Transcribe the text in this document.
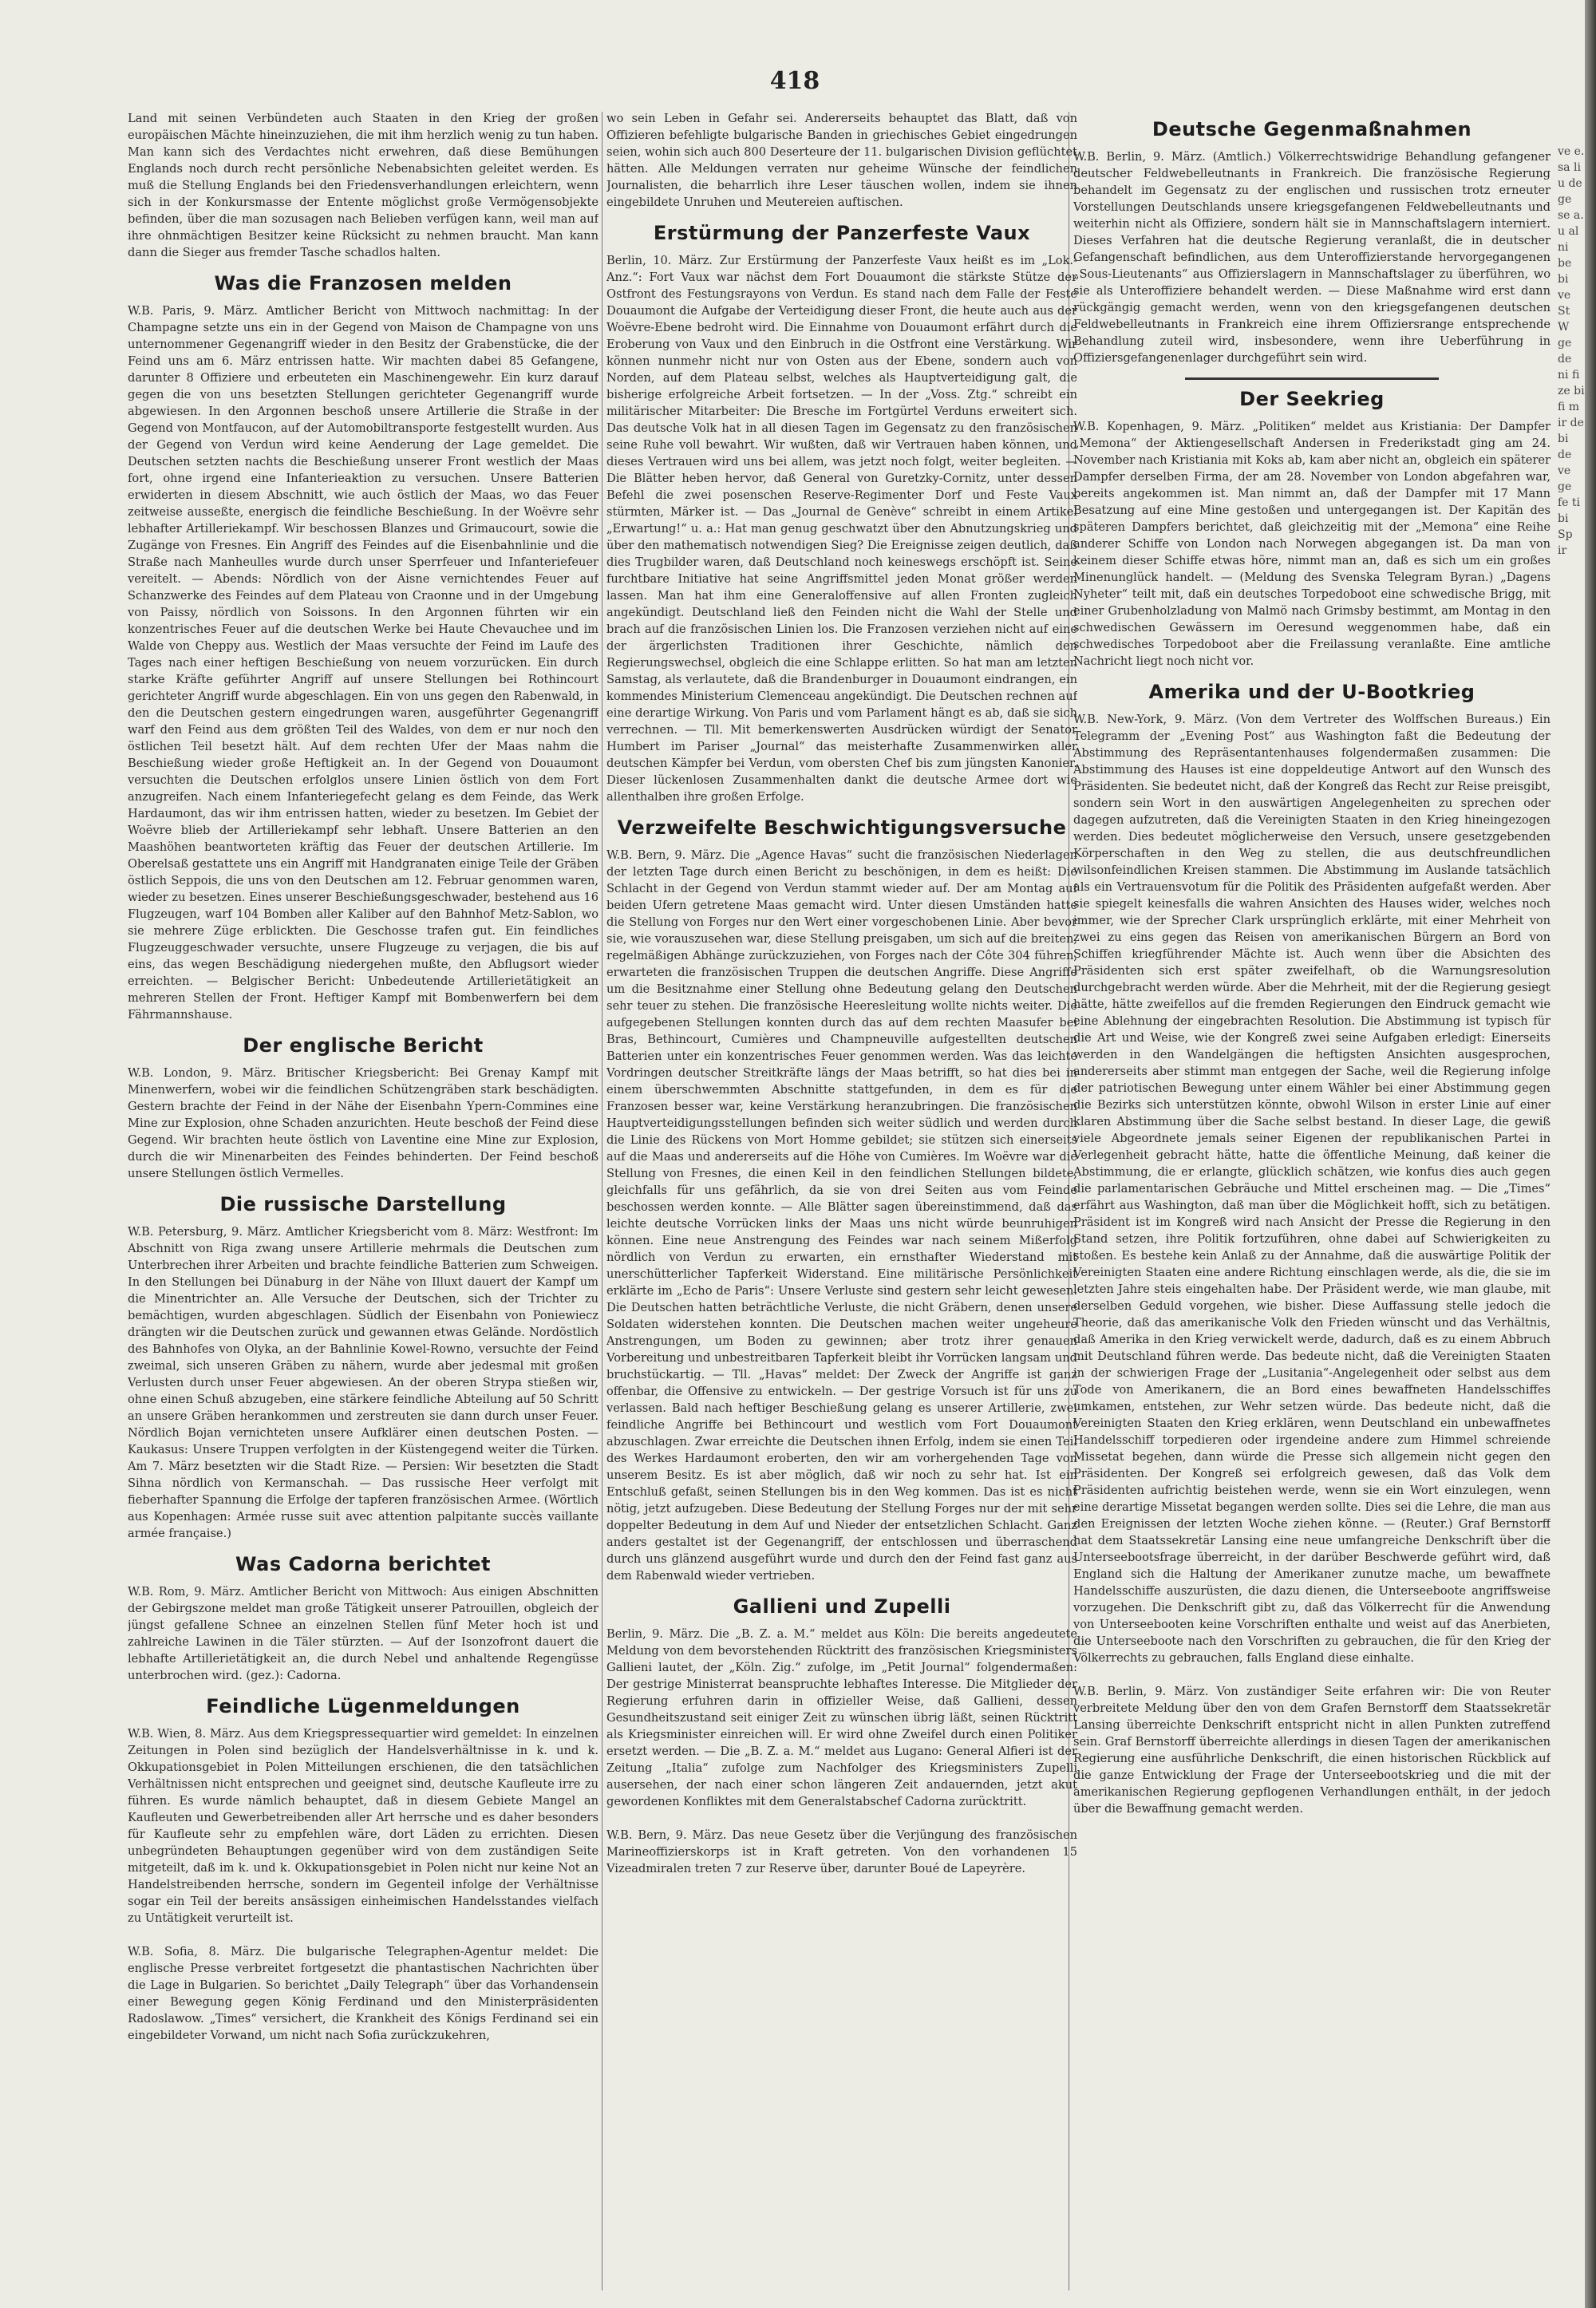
418

Land mit seinen Verbündeten auch Staaten in den Krieg der großen europäischen Mächte hineinzuziehen, die mit ihm herzlich wenig zu tun haben. Man kann sich des Verdachtes nicht erwehren, daß diese Bemühungen Englands noch durch recht persönliche Nebenabsichten geleitet werden. Es muß die Stellung Englands bei den Friedensverhandlungen erleichtern, wenn sich in der Konkursmasse der Entente möglichst große Vermögensobjekte befinden, über die man sozusagen nach Belieben verfügen kann, weil man auf ihre ohnmächtigen Besitzer keine Rücksicht zu nehmen braucht. Man kann dann die Sieger aus fremder Tasche schadlos halten.

Was die Franzosen melden

W.B. Paris, 9. März. Amtlicher Bericht von Mittwoch nachmittag: In der Champagne setzte uns ein in der Gegend von Maison de Champagne von uns unternommener Gegenangriff wieder in den Besitz der Grabenstücke, die der Feind uns am 6. März entrissen hatte. Wir machten dabei 85 Gefangene, darunter 8 Offiziere und erbeuteten ein Maschinengewehr. Ein kurz darauf gegen die von uns besetzten Stellungen gerichteter Gegenangriff wurde abgewiesen. In den Argonnen beschoß unsere Artillerie die Straße in der Gegend von Montfaucon, auf der Automobiltransporte festgestellt wurden. Aus der Gegend von Verdun wird keine Aenderung der Lage gemeldet. Die Deutschen setzten nachts die Beschießung unserer Front westlich der Maas fort, ohne irgend eine Infanterieaktion zu versuchen. Unsere Batterien erwiderten in diesem Abschnitt, wie auch östlich der Maas, wo das Feuer zeitweise ausseßte, energisch die feindliche Beschießung. In der Woëvre sehr lebhafter Artilleriekampf. Wir beschossen Blanzes und Grimaucourt, sowie die Zugänge von Fresnes. Ein Angriff des Feindes auf die Eisenbahnlinie und die Straße nach Manheulles wurde durch unser Sperrfeuer und Infanteriefeuer vereitelt. — Abends: Nördlich von der Aisne vernichtendes Feuer auf Schanzwerke des Feindes auf dem Plateau von Craonne und in der Umgebung von Paissy, nördlich von Soissons. In den Argonnen führten wir ein konzentrisches Feuer auf die deutschen Werke bei Haute Chevauchee und im Walde von Cheppy aus. Westlich der Maas versuchte der Feind im Laufe des Tages nach einer heftigen Beschießung von neuem vorzurücken. Ein durch starke Kräfte geführter Angriff auf unsere Stellungen bei Rothincourt gerichteter Angriff wurde abgeschlagen. Ein von uns gegen den Rabenwald, in den die Deutschen gestern eingedrungen waren, ausgeführter Gegenangriff warf den Feind aus dem größten Teil des Waldes, von dem er nur noch den östlichen Teil besetzt hält. Auf dem rechten Ufer der Maas nahm die Beschießung wieder große Heftigkeit an. In der Gegend von Douaumont versuchten die Deutschen erfolglos unsere Linien östlich von dem Fort anzugreifen. Nach einem Infanteriegefecht gelang es dem Feinde, das Werk Hardaumont, das wir ihm entrissen hatten, wieder zu besetzen. Im Gebiet der Woëvre blieb der Artilleriekampf sehr lebhaft. Unsere Batterien an den Maashöhen beantworteten kräftig das Feuer der deutschen Artillerie. Im Oberelsaß gestattete uns ein Angriff mit Handgranaten einige Teile der Gräben östlich Seppois, die uns von den Deutschen am 12. Februar genommen waren, wieder zu besetzen. Eines unserer Beschießungsgeschwader, bestehend aus 16 Flugzeugen, warf 104 Bomben aller Kaliber auf den Bahnhof Metz-Sablon, wo sie mehrere Züge erblickten. Die Geschosse trafen gut. Ein feindliches Flugzeuggeschwader versuchte, unsere Flugzeuge zu verjagen, die bis auf eins, das wegen Beschädigung niedergehen mußte, den Abflugsort wieder erreichten. — Belgischer Bericht: Unbedeutende Artillerietätigkeit an mehreren Stellen der Front. Heftiger Kampf mit Bombenwerfern bei dem Fährmannshause.

Der englische Bericht

W.B. London, 9. März. Britischer Kriegsbericht: Bei Grenay Kampf mit Minenwerfern, wobei wir die feindlichen Schützengräben stark beschädigten. Gestern brachte der Feind in der Nähe der Eisenbahn Ypern-Commines eine Mine zur Explosion, ohne Schaden anzurichten. Heute beschoß der Feind diese Gegend. Wir brachten heute östlich von Laventine eine Mine zur Explosion, durch die wir Minenarbeiten des Feindes behinderten. Der Feind beschoß unsere Stellungen östlich Vermelles.

Die russische Darstellung

W.B. Petersburg, 9. März. Amtlicher Kriegsbericht vom 8. März: Westfront: Im Abschnitt von Riga zwang unsere Artillerie mehrmals die Deutschen zum Unterbrechen ihrer Arbeiten und brachte feindliche Batterien zum Schweigen. In den Stellungen bei Dünaburg in der Nähe von Illuxt dauert der Kampf um die Minentrichter an. Alle Versuche der Deutschen, sich der Trichter zu bemächtigen, wurden abgeschlagen. Südlich der Eisenbahn von Poniewiecz drängten wir die Deutschen zurück und gewannen etwas Gelände. Nordöstlich des Bahnhofes von Olyka, an der Bahnlinie Kowel-Rowno, versuchte der Feind zweimal, sich unseren Gräben zu nähern, wurde aber jedesmal mit großen Verlusten durch unser Feuer abgewiesen. An der oberen Strypa stießen wir, ohne einen Schuß abzugeben, eine stärkere feindliche Abteilung auf 50 Schritt an unsere Gräben herankommen und zerstreuten sie dann durch unser Feuer. Nördlich Bojan vernichteten unsere Aufklärer einen deutschen Posten. — Kaukasus: Unsere Truppen verfolgten in der Küstengegend weiter die Türken. Am 7. März besetzten wir die Stadt Rize. — Persien: Wir besetzten die Stadt Sihna nördlich von Kermanschah. — Das russische Heer verfolgt mit fieberhafter Spannung die Erfolge der tapferen französischen Armee. (Wörtlich aus Kopenhagen: Armée russe suit avec attention palpitante succès vaillante armée française.)

Was Cadorna berichtet

W.B. Rom, 9. März. Amtlicher Bericht von Mittwoch: Aus einigen Abschnitten der Gebirgszone meldet man große Tätigkeit unserer Patrouillen, obgleich der jüngst gefallene Schnee an einzelnen Stellen fünf Meter hoch ist und zahlreiche Lawinen in die Täler stürzten. — Auf der Isonzofront dauert die lebhafte Artillerietätigkeit an, die durch Nebel und anhaltende Regengüsse unterbrochen wird. (gez.): Cadorna.

Feindliche Lügenmeldungen

W.B. Wien, 8. März. Aus dem Kriegspressequartier wird gemeldet: In einzelnen Zeitungen in Polen sind bezüglich der Handelsverhältnisse in k. und k. Okkupationsgebiet in Polen Mitteilungen erschienen, die den tatsächlichen Verhältnissen nicht entsprechen und geeignet sind, deutsche Kaufleute irre zu führen. Es wurde nämlich behauptet, daß in diesem Gebiete Mangel an Kaufleuten und Gewerbetreibenden aller Art herrsche und es daher besonders für Kaufleute sehr zu empfehlen wäre, dort Läden zu errichten. Diesen unbegründeten Behauptungen gegenüber wird von dem zuständigen Seite mitgeteilt, daß im k. und k. Okkupationsgebiet in Polen nicht nur keine Not an Handelstreibenden herrsche, sondern im Gegenteil infolge der Verhältnisse sogar ein Teil der bereits ansässigen einheimischen Handelsstandes vielfach zu Untätigkeit verurteilt ist.

W.B. Sofia, 8. März. Die bulgarische Telegraphen-Agentur meldet: Die englische Presse verbreitet fortgesetzt die phantastischen Nachrichten über die Lage in Bulgarien. So berichtet „Daily Telegraph“ über das Vorhandensein einer Bewegung gegen König Ferdinand und den Ministerpräsidenten Radoslawow. „Times“ versichert, die Krankheit des Königs Ferdinand sei ein eingebildeter Vorwand, um nicht nach Sofia zurückzukehren,

wo sein Leben in Gefahr sei. Andererseits behauptet das Blatt, daß von Offizieren befehligte bulgarische Banden in griechisches Gebiet eingedrungen seien, wohin sich auch 800 Deserteure der 11. bulgarischen Division geflüchtet hätten. Alle Meldungen verraten nur geheime Wünsche der feindlichen Journalisten, die beharrlich ihre Leser täuschen wollen, indem sie ihnen eingebildete Unruhen und Meutereien auftischen.

Erstürmung der Panzerfeste Vaux

Berlin, 10. März. Zur Erstürmung der Panzerfeste Vaux heißt es im „Lok.-Anz.“: Fort Vaux war nächst dem Fort Douaumont die stärkste Stütze der Ostfront des Festungsrayons von Verdun. Es stand nach dem Falle der Feste Douaumont die Aufgabe der Verteidigung dieser Front, die heute auch aus der Woëvre-Ebene bedroht wird. Die Einnahme von Douaumont erfährt durch die Eroberung von Vaux und den Einbruch in die Ostfront eine Verstärkung. Wir können nunmehr nicht nur von Osten aus der Ebene, sondern auch von Norden, auf dem Plateau selbst, welches als Hauptverteidigung galt, die bisherige erfolgreiche Arbeit fortsetzen. — In der „Voss. Ztg.“ schreibt ein militärischer Mitarbeiter: Die Bresche im Fortgürtel Verduns erweitert sich. Das deutsche Volk hat in all diesen Tagen im Gegensatz zu den französischen seine Ruhe voll bewahrt. Wir wußten, daß wir Vertrauen haben können, und dieses Vertrauen wird uns bei allem, was jetzt noch folgt, weiter begleiten. — Die Blätter heben hervor, daß General von Guretzky-Cornitz, unter dessen Befehl die zwei posenschen Reserve-Regimenter Dorf und Feste Vaux stürmten, Märker ist. — Das „Journal de Genève“ schreibt in einem Artikel „Erwartung!“ u. a.: Hat man genug geschwatzt über den Abnutzungskrieg und über den mathematisch notwendigen Sieg? Die Ereignisse zeigen deutlich, daß dies Trugbilder waren, daß Deutschland noch keineswegs erschöpft ist. Seine furchtbare Initiative hat seine Angriffsmittel jeden Monat größer werden lassen. Man hat ihm eine Generaloffensive auf allen Fronten zugleich angekündigt. Deutschland ließ den Feinden nicht die Wahl der Stelle und brach auf die französischen Linien los. Die Franzosen verziehen nicht auf eine der ärgerlichsten Traditionen ihrer Geschichte, nämlich den Regierungswechsel, obgleich die eine Schlappe erlitten. So hat man am letzten Samstag, als verlautete, daß die Brandenburger in Douaumont eindrangen, ein kommendes Ministerium Clemenceau angekündigt. Die Deutschen rechnen auf eine derartige Wirkung. Von Paris und vom Parlament hängt es ab, daß sie sich verrechnen. — Tll. Mit bemerkenswerten Ausdrücken würdigt der Senator Humbert im Pariser „Journal“ das meisterhafte Zusammenwirken aller deutschen Kämpfer bei Verdun, vom obersten Chef bis zum jüngsten Kanonier. Dieser lückenlosen Zusammenhalten dankt die deutsche Armee dort wie allenthalben ihre großen Erfolge.

Verzweifelte Beschwichtigungsversuche

W.B. Bern, 9. März. Die „Agence Havas“ sucht die französischen Niederlagen der letzten Tage durch einen Bericht zu beschönigen, in dem es heißt: Die Schlacht in der Gegend von Verdun stammt wieder auf. Der am Montag auf beiden Ufern getretene Maas gemacht wird. Unter diesen Umständen hatte die Stellung von Forges nur den Wert einer vorgeschobenen Linie. Aber bevor sie, wie vorauszusehen war, diese Stellung preisgaben, um sich auf die breiten, regelmäßigen Abhänge zurückzuziehen, von Forges nach der Côte 304 führen, erwarteten die französischen Truppen die deutschen Angriffe. Diese Angriffe um die Besitznahme einer Stellung ohne Bedeutung gelang den Deutschen sehr teuer zu stehen. Die französische Heeresleitung wollte nichts weiter. Die aufgegebenen Stellungen konnten durch das auf dem rechten Maasufer bei Bras, Bethincourt, Cumières und Champneuville aufgestellten deutschen Batterien unter ein konzentrisches Feuer genommen werden. Was das leichte Vordringen deutscher Streitkräfte längs der Maas betrifft, so hat dies bei in einem überschwemmten Abschnitte stattgefunden, in dem es für die Franzosen besser war, keine Verstärkung heranzubringen. Die französischen Hauptverteidigungsstellungen befinden sich weiter südlich und werden durch die Linie des Rückens von Mort Homme gebildet; sie stützen sich einerseits auf die Maas und andererseits auf die Höhe von Cumières. Im Woëvre war die Stellung von Fresnes, die einen Keil in den feindlichen Stellungen bildete, gleichfalls für uns gefährlich, da sie von drei Seiten aus vom Feinde beschossen werden konnte. — Alle Blätter sagen übereinstimmend, daß das leichte deutsche Vorrücken links der Maas uns nicht würde beunruhigen können. Eine neue Anstrengung des Feindes war nach seinem Mißerfolg nördlich von Verdun zu erwarten, ein ernsthafter Wiederstand mit unerschütterlicher Tapferkeit Widerstand. Eine militärische Persönlichkeit erklärte im „Echo de Paris“: Unsere Verluste sind gestern sehr leicht gewesen. Die Deutschen hatten beträchtliche Verluste, die nicht Gräbern, denen unsere Soldaten widerstehen konnten. Die Deutschen machen weiter ungeheure Anstrengungen, um Boden zu gewinnen; aber trotz ihrer genauen Vorbereitung und unbestreitbaren Tapferkeit bleibt ihr Vorrücken langsam und bruchstückartig. — Tll. „Havas“ meldet: Der Zweck der Angriffe ist ganz offenbar, die Offensive zu entwickeln. — Der gestrige Vorsuch ist für uns zu verlassen. Bald nach heftiger Beschießung gelang es unserer Artillerie, zwei feindliche Angriffe bei Bethincourt und westlich vom Fort Douaumont abzuschlagen. Zwar erreichte die Deutschen ihnen Erfolg, indem sie einen Teil des Werkes Hardaumont eroberten, den wir am vorhergehenden Tage von unserem Besitz. Es ist aber möglich, daß wir noch zu sehr hat. Ist ein Entschluß gefaßt, seinen Stellungen bis in den Weg kommen. Das ist es nicht nötig, jetzt aufzugeben. Diese Bedeutung der Stellung Forges nur der mit sehr doppelter Bedeutung in dem Auf und Nieder der entsetzlichen Schlacht. Ganz anders gestaltet ist der Gegenangriff, der entschlossen und überraschend durch uns glänzend ausgeführt wurde und durch den der Feind fast ganz aus dem Rabenwald wieder vertrieben.

Gallieni und Zupelli

Berlin, 9. März. Die „B. Z. a. M.“ meldet aus Köln: Die bereits angedeutete Meldung von dem bevorstehenden Rücktritt des französischen Kriegsministers Gallieni lautet, der „Köln. Zig.“ zufolge, im „Petit Journal“ folgendermaßen: Der gestrige Ministerrat beanspruchte lebhaftes Interesse. Die Mitglieder der Regierung erfuhren darin in offizieller Weise, daß Gallieni, dessen Gesundheitszustand seit einiger Zeit zu wünschen übrig läßt, seinen Rücktritt als Kriegsminister einreichen will. Er wird ohne Zweifel durch einen Politiker ersetzt werden. — Die „B. Z. a. M.“ meldet aus Lugano: General Alfieri ist der Zeitung „Italia“ zufolge zum Nachfolger des Kriegsministers Zupelli ausersehen, der nach einer schon längeren Zeit andauernden, jetzt akut gewordenen Konfliktes mit dem Generalstabschef Cadorna zurücktritt.

W.B. Bern, 9. März. Das neue Gesetz über die Verjüngung des französischen Marineoffizierskorps ist in Kraft getreten. Von den vorhandenen 15 Vizeadmiralen treten 7 zur Reserve über, darunter Boué de Lapeyrère.

Deutsche Gegenmaßnahmen

W.B. Berlin, 9. März. (Amtlich.) Völkerrechtswidrige Behandlung gefangener deutscher Feldwebelleutnants in Frankreich. Die französische Regierung behandelt im Gegensatz zu der englischen und russischen trotz erneuter Vorstellungen Deutschlands unsere kriegsgefangenen Feldwebelleutnants und weiterhin nicht als Offiziere, sondern hält sie in Mannschaftslagern interniert. Dieses Verfahren hat die deutsche Regierung veranlaßt, die in deutscher Gefangenschaft befindlichen, aus dem Unteroffizierstande hervorgegangenen „Sous-Lieutenants“ aus Offizierslagern in Mannschaftslager zu überführen, wo sie als Unteroffiziere behandelt werden. — Diese Maßnahme wird erst dann rückgängig gemacht werden, wenn von den kriegsgefangenen deutschen Feldwebelleutnants in Frankreich eine ihrem Offiziersrange entsprechende Behandlung zuteil wird, insbesondere, wenn ihre Ueberführung in Offiziersgefangenenlager durchgeführt sein wird.

Der Seekrieg

W.B. Kopenhagen, 9. März. „Politiken“ meldet aus Kristiania: Der Dampfer „Memona“ der Aktiengesellschaft Andersen in Frederikstadt ging am 24. November nach Kristiania mit Koks ab, kam aber nicht an, obgleich ein späterer Dampfer derselben Firma, der am 28. November von London abgefahren war, bereits angekommen ist. Man nimmt an, daß der Dampfer mit 17 Mann Besatzung auf eine Mine gestoßen und untergegangen ist. Der Kapitän des späteren Dampfers berichtet, daß gleichzeitig mit der „Memona“ eine Reihe anderer Schiffe von London nach Norwegen abgegangen ist. Da man von keinem dieser Schiffe etwas höre, nimmt man an, daß es sich um ein großes Minenunglück handelt. — (Meldung des Svenska Telegram Byran.) „Dagens Nyheter“ teilt mit, daß ein deutsches Torpedoboot eine schwedische Brigg, mit einer Grubenholzladung von Malmö nach Grimsby bestimmt, am Montag in den schwedischen Gewässern im Oeresund weggenommen habe, daß ein schwedisches Torpedoboot aber die Freilassung veranlaßte. Eine amtliche Nachricht liegt noch nicht vor.

Amerika und der U-Bootkrieg

W.B. New-York, 9. März. (Von dem Vertreter des Wolffschen Bureaus.) Ein Telegramm der „Evening Post“ aus Washington faßt die Bedeutung der Abstimmung des Repräsentantenhauses folgendermaßen zusammen: Die Abstimmung des Hauses ist eine doppeldeutige Antwort auf den Wunsch des Präsidenten. Sie bedeutet nicht, daß der Kongreß das Recht zur Reise preisgibt, sondern sein Wort in den auswärtigen Angelegenheiten zu sprechen oder dagegen aufzutreten, daß die Vereinigten Staaten in den Krieg hineingezogen werden. Dies bedeutet möglicherweise den Versuch, unsere gesetzgebenden Körperschaften in den Weg zu stellen, die aus deutschfreundlichen wilsonfeindlichen Kreisen stammen. Die Abstimmung im Auslande tatsächlich als ein Vertrauensvotum für die Politik des Präsidenten aufgefaßt werden. Aber sie spiegelt keinesfalls die wahren Ansichten des Hauses wider, welches noch immer, wie der Sprecher Clark ursprünglich erklärte, mit einer Mehrheit von zwei zu eins gegen das Reisen von amerikanischen Bürgern an Bord von Schiffen kriegführender Mächte ist. Auch wenn über die Absichten des Präsidenten sich erst später zweifelhaft, ob die Warnungsresolution durchgebracht werden würde. Aber die Mehrheit, mit der die Regierung gesiegt hätte, hätte zweifellos auf die fremden Regierungen den Eindruck gemacht wie eine Ablehnung der eingebrachten Resolution. Die Abstimmung ist typisch für die Art und Weise, wie der Kongreß zwei seine Aufgaben erledigt: Einerseits werden in den Wandelgängen die heftigsten Ansichten ausgesprochen, andererseits aber stimmt man entgegen der Sache, weil die Regierung infolge der patriotischen Bewegung unter einem Wähler bei einer Abstimmung gegen die Bezirks sich unterstützen könnte, obwohl Wilson in erster Linie auf einer klaren Abstimmung über die Sache selbst bestand. In dieser Lage, die gewiß viele Abgeordnete jemals seiner Eigenen der republikanischen Partei in Verlegenheit gebracht hätte, hatte die öffentliche Meinung, daß keiner die Abstimmung, die er erlangte, glücklich schätzen, wie konfus dies auch gegen die parlamentarischen Gebräuche und Mittel erscheinen mag. — Die „Times“ erfährt aus Washington, daß man über die Möglichkeit hofft, sich zu betätigen. Präsident ist im Kongreß wird nach Ansicht der Presse die Regierung in den Stand setzen, ihre Politik fortzuführen, ohne dabei auf Schwierigkeiten zu stoßen. Es bestehe kein Anlaß zu der Annahme, daß die auswärtige Politik der Vereinigten Staaten eine andere Richtung einschlagen werde, als die, die sie im letzten Jahre steis eingehalten habe. Der Präsident werde, wie man glaube, mit derselben Geduld vorgehen, wie bisher. Diese Auffassung stelle jedoch die Theorie, daß das amerikanische Volk den Frieden wünscht und das Verhältnis, daß Amerika in den Krieg verwickelt werde, dadurch, daß es zu einem Abbruch mit Deutschland führen werde. Das bedeute nicht, daß die Vereinigten Staaten in der schwierigen Frage der „Lusitania“-Angelegenheit oder selbst aus dem Tode von Amerikanern, die an Bord eines bewaffneten Handelsschiffes umkamen, entstehen, zur Wehr setzen würde. Das bedeute nicht, daß die Vereinigten Staaten den Krieg erklären, wenn Deutschland ein unbewaffnetes Handelsschiff torpedieren oder irgendeine andere zum Himmel schreiende Missetat begehen, dann würde die Presse sich allgemein nicht gegen den Präsidenten. Der Kongreß sei erfolgreich gewesen, daß das Volk dem Präsidenten aufrichtig beistehen werde, wenn sie ein Wort einzulegen, wenn eine derartige Missetat begangen werden sollte. Dies sei die Lehre, die man aus den Ereignissen der letzten Woche ziehen könne. — (Reuter.) Graf Bernstorff hat dem Staatssekretär Lansing eine neue umfangreiche Denkschrift über die Unterseebootsfrage überreicht, in der darüber Beschwerde geführt wird, daß England sich die Haltung der Amerikaner zunutze mache, um bewaffnete Handelsschiffe auszurüsten, die dazu dienen, die Unterseeboote angriffsweise vorzugehen. Die Denkschrift gibt zu, daß das Völkerrecht für die Anwendung von Unterseebooten keine Vorschriften enthalte und weist auf das Anerbieten, die Unterseeboote nach den Vorschriften zu gebrauchen, die für den Krieg der Völkerrechts zu gebrauchen, falls England diese einhalte.

W.B. Berlin, 9. März. Von zuständiger Seite erfahren wir: Die von Reuter verbreitete Meldung über den von dem Grafen Bernstorff dem Staatssekretär Lansing überreichte Denkschrift entspricht nicht in allen Punkten zutreffend sein. Graf Bernstorff überreichte allerdings in diesen Tagen der amerikanischen Regierung eine ausführliche Denkschrift, die einen historischen Rückblick auf die ganze Entwicklung der Frage der Unterseebootskrieg und die mit der amerikanischen Regierung gepflogenen Verhandlungen enthält, in der jedoch über die Bewaffnung gemacht werden.

ve e. sa li u de ge se a. u al ni be bi ve St W ge de ni fi ze bi fi m ir de bi de ve ge fe ti bi Sp ir
